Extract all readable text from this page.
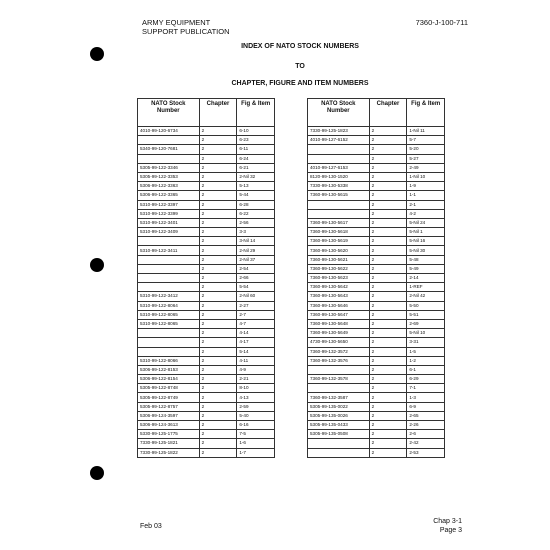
ARMY EQUIPMENT
SUPPORT PUBLICATION
7360-J-100-711
INDEX OF NATO STOCK NUMBERS
TO
CHAPTER, FIGURE AND ITEM NUMBERS
NATO Stock Number	Chapter	Fig & Item
4010-99-120-6734	2	6-10
	2	6-23
5340-99-120-7681	2	6-11
	2	6-24
5305-99-122-3346	2	6-21
5305-99-122-3353	2	2-Nil 32
5306-99-122-3363	2	5-13
5306-99-122-3365	2	5-44
5310-99-122-3397	2	6-28
5310-99-122-3399	2	6-22
5310-99-122-3401	2	2-56
5310-99-122-3409	2	3-3
	2	3-Nil 14
5310-99-122-3411	2	2-Nil 29
	2	2-Nil 37
	2	2-54
	2	2-66
	2	5-54
5310-99-122-3412	2	2-Nil 60
5310-99-122-8064	2	2-27
5310-99-122-8065	2	2-7
5310-99-122-8065	2	4-7
	2	4-14
	2	4-17
	2	5-14
5310-99-122-8066	2	4-11
5306-99-122-8153	2	4-9
5306-99-122-8154	2	2-21
5305-99-122-8748	2	8-10
5305-99-122-8749	2	4-13
5305-99-122-8757	2	2-59
5306-99-124-3597	2	5-40
5306-99-124-3613	2	6-16
5330-99-125-1775	2	7-5
7330-99-125-1821	2	1-6
7330-99-125-1822	2	1-7
NATO Stock Number	Chapter	Fig & Item
7330-99-125-1823	2	1-Nil 11
4010-99-127-6152	2	5-7
	2	5-20
	2	5-27
4010-99-127-6153	2	2-49
8120-99-130-1520	2	1-Nil 10
7330-99-130-5338	2	1-9
7360-99-130-5615	2	1-1
	2	2-1
	2	4-2
7360-99-130-5617	2	5-Nil 24
7360-99-130-5618	2	5-Nil 1
7360-99-130-5619	2	5-Nil 16
7360-99-130-5620	2	5-Nil 30
7360-99-130-5621	2	5-48
7360-99-130-5622	2	5-49
7360-99-130-5623	2	2-14
7360-99-130-5642	2	1-REF
7360-99-130-5643	2	2-Nil 42
7360-99-130-5646	2	5-50
7360-99-130-5647	2	5-51
7360-99-130-5648	2	2-69
7360-99-130-5649	2	5-Nil 10
4730-99-130-5650	2	3-31
7360-99-132-3572	2	1-5
7360-99-132-3576	2	1-2
	2	6-1
7360-99-132-3578	2	6-29
	2	7-1
7360-99-132-3587	2	1-3
5305-99-135-0022	2	6-9
5305-99-135-0026	2	2-65
5305-99-135-0433	2	2-26
5305-99-135-0508	2	2-6
	2	2-42
	2	2-53
Feb 03
Chap 3-1
Page 3
